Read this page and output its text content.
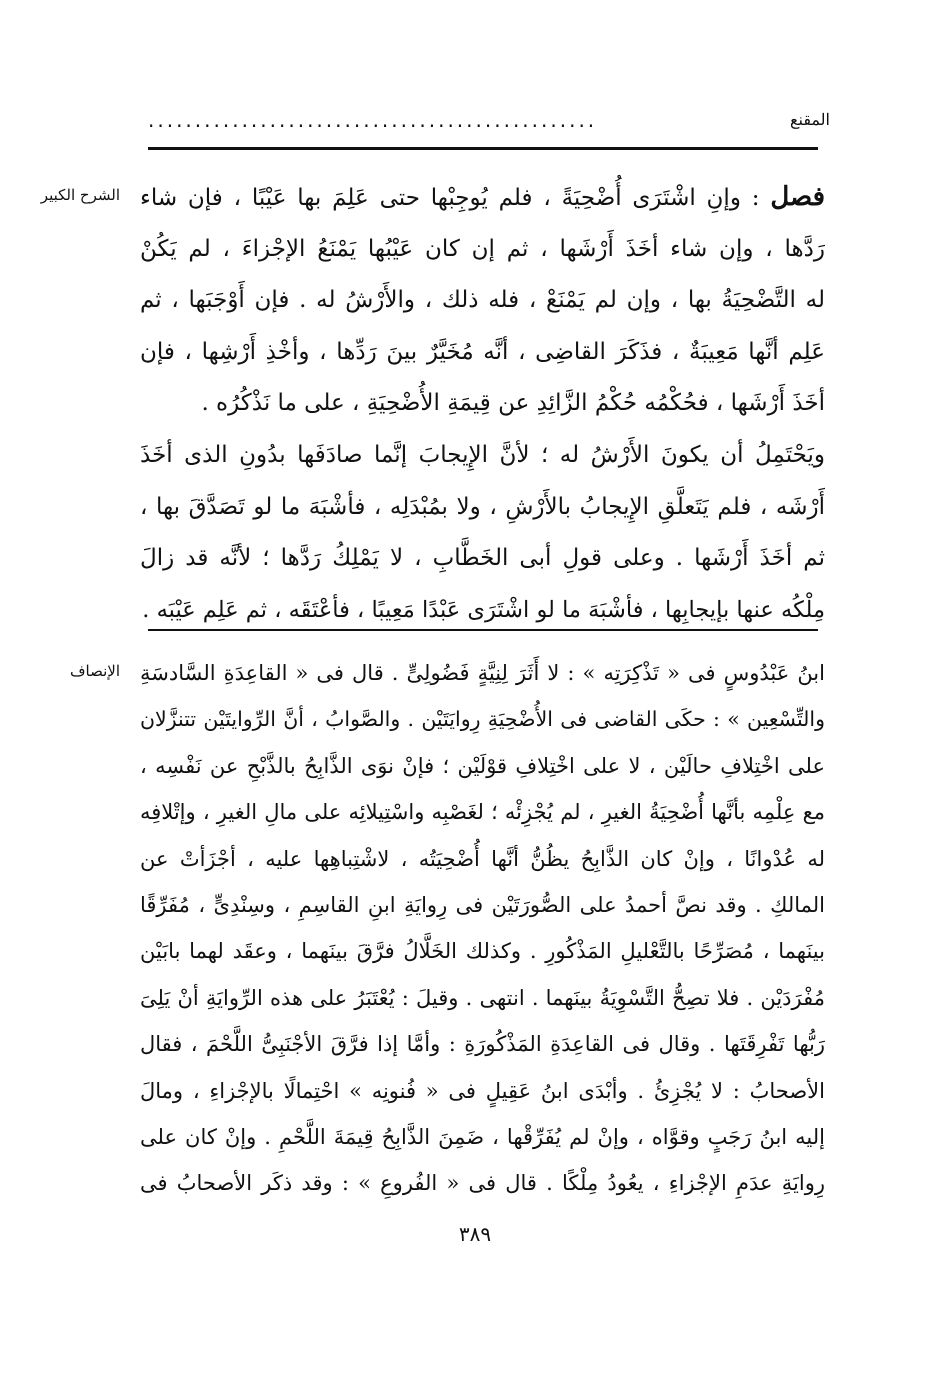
................................................	المقنع
الشرح الكبير	فصل : وإنِ اشْتَرَى أُضْحِيَةً ، فلم يُوجِبْها حتى عَلِمَ بها عَيْبًا ، فإن شاء
رَدَّها ، وإن شاء أخَذَ أَرْشَها ، ثم إن كان عَيْبُها يَمْنَعُ الإجْزاءَ ، لم يَكُنْ
له التَّضْحِيَةُ بها ، وإن لم يَمْنَعْ ، فله ذلك ، والأَرْشُ له . فإن أَوْجَبَها ، ثم
عَلِم أنَّها مَعِيبَةٌ ، فذَكَرَ القاضِى ، أنَّه مُخَيَّرٌ بينَ رَدِّها ، وأخْذِ أَرْشِها ، فإن
أخَذَ أَرْشَها ، فحُكْمُه حُكْمُ الزَّائِدِ عن قِيمَةِ الأُضْحِيَةِ ، على ما نَذْكُرُه .
ويَحْتَمِلُ أن يكونَ الأَرْشُ له ؛ لأنَّ الإِيجابَ إنَّما صادَفَها بدُونِ الذى أخَذَ
أَرْشَه ، فلم يَتَعلَّقِ الإِيجابُ بالأَرْشِ ، ولا بمُبْدَلِه ، فأشْبَهَ ما لو تَصَدَّقَ بها ،
ثم أخَذَ أَرْشَها . وعلى قولِ أبى الخَطَّابِ ، لا يَمْلِكُ رَدَّها ؛ لأنَّه قد زالَ
مِلْكُه عنها بإيجابِها ، فأشْبَهَ ما لو اشْتَرَى عَبْدًا مَعِيبًا ، فأعْتَقَه ، ثم عَلِم عَيْبَه .
الإنصاف ابنُ عَبْدُوسٍ فى « تَذْكِرَتِه » : لا أَثَرَ لِنِيَّةٍ فَضُولِىٍّ . قال فى « القاعِدَةِ السَّادسَةِ
والتِّسْعِين » : حكَى القاضى فى الأُضْحِيَةِ رِوايَتَيْن . والصَّوابُ ، أنَّ الرِّوايتَيْن تتنزَّلان
على اخْتِلافِ حالَيْن ، لا على اخْتِلافِ قوْلَيْن ؛ فإنْ نوَى الذَّابِحُ بالذَّبْحِ عن نَفْسِه ،
مع عِلْمِه بأنَّها أُضْحِيَةُ الغيرِ ، لم يُجْزِئْه ؛ لغَصْبِه واسْتِيلائِه على مالِ الغيرِ ، وإتْلافِه
له عُدْوانًا ، وإنْ كان الذَّابِحُ يظُنُّ أنَّها أُضْحِيَتُه ، لاشْتِباهِها عليه ، أجْزَأتْ عن
المالكِ . وقد نصَّ أحمدُ على الصُّورَتَيْن فى رِوايَةِ ابنِ القاسِمِ ، وسِنْدِىٍّ ، مُفَرِّقًا
بينَهما ، مُصَرِّحًا بالتَّعْليلِ المَذْكُورِ . وكذلك الخَلَّالُ فرَّقَ بينَهما ، وعقَد لهما بابَيْن
مُفْرَدَيْن . فلا تصِحُّ التَّسْوِيَةُ بينَهما . انتهى . وقيلَ : يُعْتَبَرُ على هذه الرِّوايَةِ أنْ يَلِىَ
رَبُّها تَفْرِقَتَها . وقال فى القاعِدَةِ المَذْكُورَةِ : وأمَّا إذا فرَّقَ الأجْنَبِىُّ اللَّحْمَ ، فقال
الأصحابُ : لا يُجْزِئُ . وأبْدَى ابنُ عَقِيلٍ فى « فُنونِه » احْتِمالًا بالإجْزاءِ ، ومالَ
إليه ابنُ رَجَبٍ وقوَّاه ، وإنْ لم يُفَرِّقْها ، ضَمِنَ الذَّابِحُ قِيمَةَ اللَّحْمِ . وإنْ كان على
رِوايَةِ عدَمِ الإجْزاءِ ، يعُودُ مِلْكًا . قال فى « الفُروعِ » : وقد ذكَر الأصحابُ فى
٣٨٩
